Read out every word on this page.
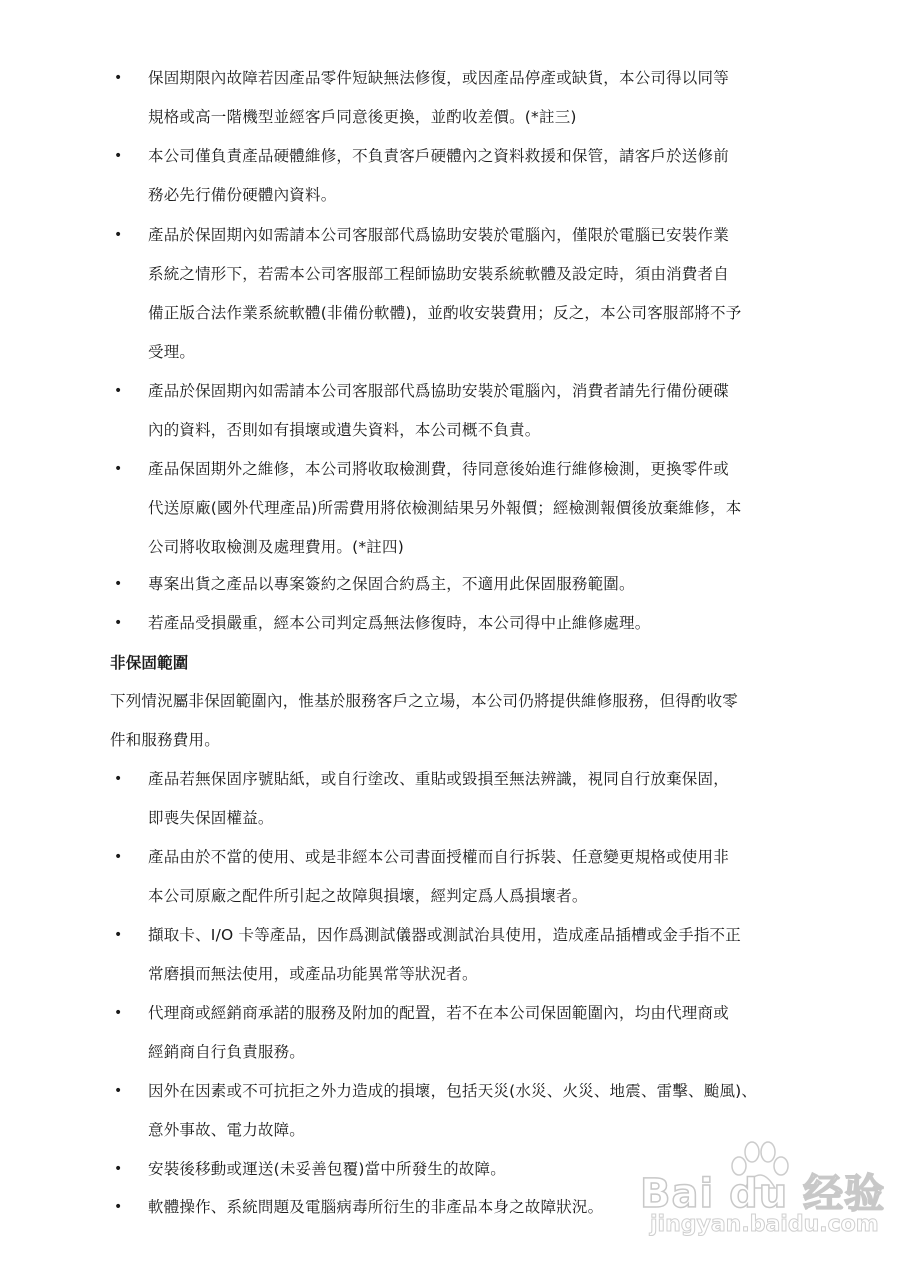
• 保固期限內故障若因產品零件短缺無法修復，或因產品停產或缺貨，本公司得以同等
規格或高一階機型並經客戶同意後更換，並酌收差價。(*註三)
• 本公司僅負責產品硬體維修，不負責客戶硬體內之資料救援和保管，請客戶於送修前
務必先行備份硬體內資料。
• 產品於保固期內如需請本公司客服部代爲協助安裝於電腦內，僅限於電腦已安裝作業
系統之情形下，若需本公司客服部工程師協助安裝系統軟體及設定時，須由消費者自
備正版合法作業系統軟體(非備份軟體)，並酌收安裝費用；反之，本公司客服部將不予
受理。
• 產品於保固期內如需請本公司客服部代爲協助安裝於電腦內，消費者請先行備份硬碟
內的資料，否則如有損壞或遺失資料，本公司概不負責。
• 產品保固期外之維修，本公司將收取檢測費，待同意後始進行維修檢測，更換零件或
代送原廠(國外代理產品)所需費用將依檢測結果另外報價；經檢測報價後放棄維修，本
公司將收取檢測及處理費用。(*註四)
• 專案出貨之產品以專案簽約之保固合約爲主，不適用此保固服務範圍。
• 若產品受損嚴重，經本公司判定爲無法修復時，本公司得中止維修處理。
非保固範圍
下列情況屬非保固範圍內，惟基於服務客戶之立場，本公司仍將提供維修服務，但得酌收零
件和服務費用。
• 產品若無保固序號貼紙，或自行塗改、重貼或毀損至無法辨識，視同自行放棄保固，
即喪失保固權益。
• 產品由於不當的使用、或是非經本公司書面授權而自行拆裝、任意變更規格或使用非
本公司原廠之配件所引起之故障與損壞，經判定爲人爲損壞者。
• 擷取卡、I/O 卡等產品，因作爲測試儀器或測試治具使用，造成產品插槽或金手指不正
常磨損而無法使用，或產品功能異常等狀況者。
• 代理商或經銷商承諾的服務及附加的配置，若不在本公司保固範圍內，均由代理商或
經銷商自行負責服務。
• 因外在因素或不可抗拒之外力造成的損壞，包括天災(水災、火災、地震、雷擊、颱風)、
意外事故、電力故障。
• 安裝後移動或運送(未妥善包覆)當中所發生的故障。
• 軟體操作、系統問題及電腦病毒所衍生的非產品本身之故障狀況。 Bai du 经验
jingyan.baidu.com
